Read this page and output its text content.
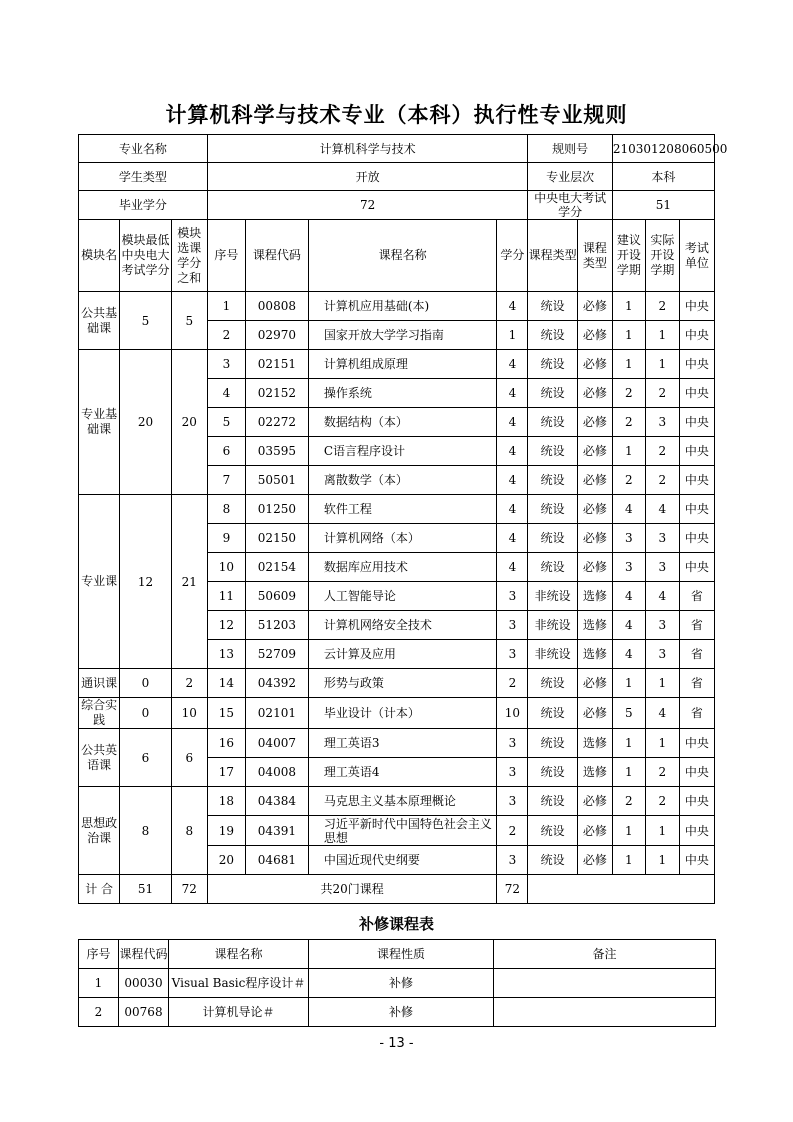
计算机科学与技术专业（本科）执行性专业规则
专业名称			计算机科学与技术				规则号		210301208060500		
学生类型			开放				专业层次		本科		
毕业学分			72				中央电大考试学分		51		
模块名	模块最低中央电大考试学分	模块选课学分之和	序号	课程代码	课程名称	学分	课程类型	课程类型	建议开设学期	实际开设学期	考试单位
公共基础课	5	5	1	00808	计算机应用基础(本)	4	统设	必修	1	2	中央
			2	02970	国家开放大学学习指南	1	统设	必修	1	1	中央
专业基础课	20	20	3	02151	计算机组成原理	4	统设	必修	1	1	中央
			4	02152	操作系统	4	统设	必修	2	2	中央
			5	02272	数据结构（本）	4	统设	必修	2	3	中央
			6	03595	C语言程序设计	4	统设	必修	1	2	中央
			7	50501	离散数学（本）	4	统设	必修	2	2	中央
专业课	12	21	8	01250	软件工程	4	统设	必修	4	4	中央
			9	02150	计算机网络（本）	4	统设	必修	3	3	中央
			10	02154	数据库应用技术	4	统设	必修	3	3	中央
			11	50609	人工智能导论	3	非统设	选修	4	4	省
			12	51203	计算机网络安全技术	3	非统设	选修	4	3	省
			13	52709	云计算及应用	3	非统设	选修	4	3	省
通识课	0	2	14	04392	形势与政策	2	统设	必修	1	1	省
综合实践	0	10	15	02101	毕业设计（计本）	10	统设	必修	5	4	省
公共英语课	6	6	16	04007	理工英语3	3	统设	选修	1	1	中央
			17	04008	理工英语4	3	统设	选修	1	2	中央
思想政治课	8	8	18	04384	马克思主义基本原理概论	3	统设	必修	2	2	中央
			19	04391	习近平新时代中国特色社会主义思想	2	统设	必修	1	1	中央
			20	04681	中国近现代史纲要	3	统设	必修	1	1	中央
计 合	51	72	共20门课程			72					
补修课程表
序号	课程代码	课程名称	课程性质	备注
1	00030	Visual Basic程序设计＃	补修	
2	00768	计算机导论＃	补修	
- 13 -
